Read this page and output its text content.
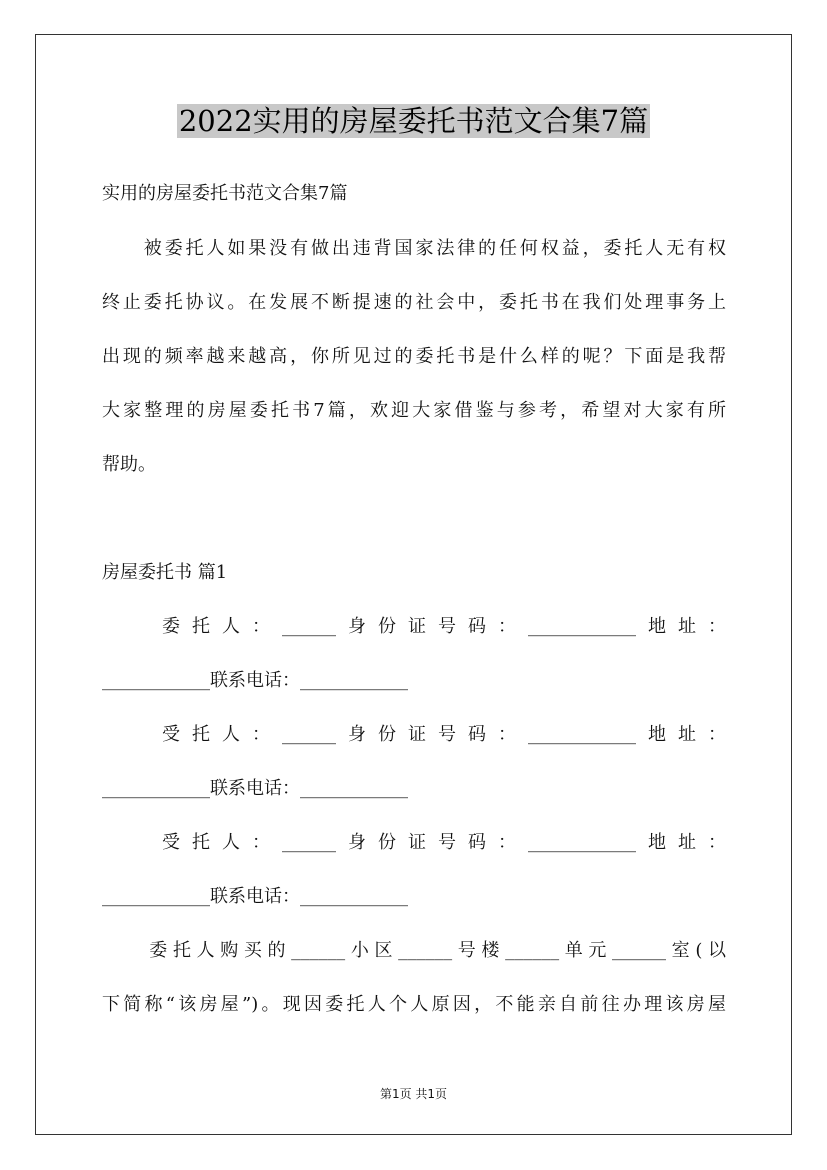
2022实用的房屋委托书范文合集7篇
实用的房屋委托书范文合集7篇
　　被委托人如果没有做出违背国家法律的任何权益，委托人无有权
终止委托协议。在发展不断提速的社会中，委托书在我们处理事务上
出现的频率越来越高，你所见过的委托书是什么样的呢？下面是我帮
大家整理的房屋委托书7篇，欢迎大家借鉴与参考，希望对大家有所
帮助。
房屋委托书 篇1
　　委托人：______身份证号码：____________地址：
____________联系电话：____________
　　受托人：______身份证号码：____________地址：
____________联系电话：____________
　　受托人：______身份证号码：____________地址：
____________联系电话：____________
　　委托人购买的______小区______号楼______单元______室(以
下简称“该房屋”)。现因委托人个人原因，不能亲自前往办理该房屋
第1页 共1页
